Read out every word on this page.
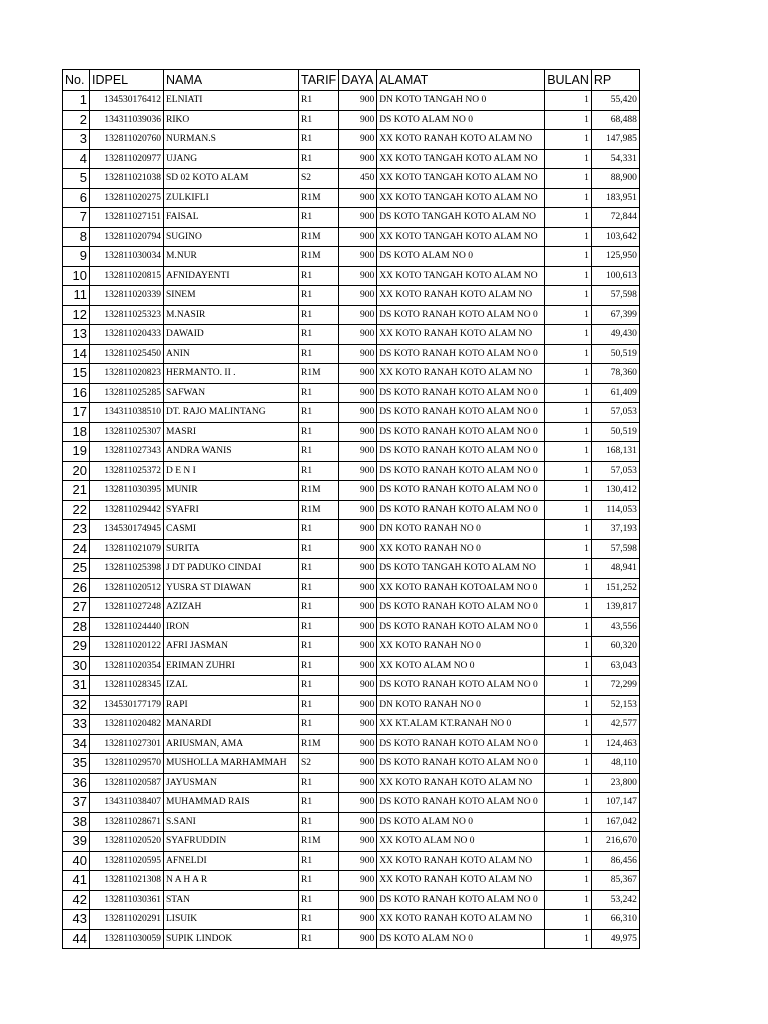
No.	IDPEL	NAMA	TARIF	DAYA	ALAMAT	BULAN	RP
1	134530176412	ELNIATI	R1	900	DN KOTO TANGAH NO 0	1	55,420
2	134311039036	RIKO	R1	900	DS KOTO ALAM NO 0	1	68,488
3	132811020760	NURMAN.S	R1	900	XX KOTO RANAH KOTO ALAM NO	1	147,985
4	132811020977	UJANG	R1	900	XX KOTO TANGAH KOTO ALAM NO	1	54,331
5	132811021038	SD 02 KOTO ALAM	S2	450	XX KOTO TANGAH KOTO ALAM NO	1	88,900
6	132811020275	ZULKIFLI	R1M	900	XX KOTO TANGAH KOTO ALAM NO	1	183,951
7	132811027151	FAISAL	R1	900	DS KOTO TANGAH KOTO ALAM NO	1	72,844
8	132811020794	SUGINO	R1M	900	XX KOTO TANGAH KOTO ALAM NO	1	103,642
9	132811030034	M.NUR	R1M	900	DS KOTO ALAM NO 0	1	125,950
10	132811020815	AFNIDAYENTI	R1	900	XX KOTO TANGAH KOTO ALAM NO	1	100,613
11	132811020339	SINEM	R1	900	XX KOTO RANAH KOTO ALAM NO	1	57,598
12	132811025323	M.NASIR	R1	900	DS KOTO RANAH KOTO ALAM NO 0	1	67,399
13	132811020433	DAWAID	R1	900	XX KOTO RANAH KOTO ALAM NO	1	49,430
14	132811025450	ANIN	R1	900	DS KOTO RANAH KOTO ALAM NO 0	1	50,519
15	132811020823	HERMANTO. II .	R1M	900	XX KOTO RANAH KOTO ALAM NO	1	78,360
16	132811025285	SAFWAN	R1	900	DS KOTO RANAH KOTO ALAM NO 0	1	61,409
17	134311038510	DT. RAJO MALINTANG	R1	900	DS KOTO RANAH KOTO ALAM NO 0	1	57,053
18	132811025307	MASRI	R1	900	DS KOTO RANAH KOTO ALAM NO 0	1	50,519
19	132811027343	ANDRA WANIS	R1	900	DS KOTO RANAH KOTO ALAM NO 0	1	168,131
20	132811025372	D E N I	R1	900	DS KOTO RANAH KOTO ALAM NO 0	1	57,053
21	132811030395	MUNIR	R1M	900	DS KOTO RANAH KOTO ALAM NO 0	1	130,412
22	132811029442	SYAFRI	R1M	900	DS KOTO RANAH KOTO ALAM NO 0	1	114,053
23	134530174945	CASMI	R1	900	DN KOTO RANAH NO 0	1	37,193
24	132811021079	SURITA	R1	900	XX KOTO RANAH NO 0	1	57,598
25	132811025398	J DT PADUKO CINDAI	R1	900	DS KOTO TANGAH KOTO ALAM NO	1	48,941
26	132811020512	YUSRA ST DIAWAN	R1	900	XX KOTO RANAH KOTOALAM NO 0	1	151,252
27	132811027248	AZIZAH	R1	900	DS KOTO RANAH KOTO ALAM NO 0	1	139,817
28	132811024440	IRON	R1	900	DS KOTO RANAH KOTO ALAM NO 0	1	43,556
29	132811020122	AFRI JASMAN	R1	900	XX KOTO RANAH NO 0	1	60,320
30	132811020354	ERIMAN ZUHRI	R1	900	XX KOTO ALAM NO 0	1	63,043
31	132811028345	IZAL	R1	900	DS KOTO RANAH KOTO ALAM NO 0	1	72,299
32	134530177179	RAPI	R1	900	DN KOTO RANAH NO 0	1	52,153
33	132811020482	MANARDI	R1	900	XX KT.ALAM KT.RANAH NO 0	1	42,577
34	132811027301	ARIUSMAN, AMA	R1M	900	DS KOTO RANAH KOTO ALAM NO 0	1	124,463
35	132811029570	MUSHOLLA MARHAMMAH	S2	900	DS KOTO RANAH KOTO ALAM NO 0	1	48,110
36	132811020587	JAYUSMAN	R1	900	XX KOTO RANAH KOTO ALAM NO	1	23,800
37	134311038407	MUHAMMAD RAIS	R1	900	DS KOTO RANAH KOTO ALAM NO 0	1	107,147
38	132811028671	S.SANI	R1	900	DS KOTO ALAM NO 0	1	167,042
39	132811020520	SYAFRUDDIN	R1M	900	XX KOTO ALAM NO 0	1	216,670
40	132811020595	AFNELDI	R1	900	XX KOTO RANAH KOTO ALAM NO	1	86,456
41	132811021308	N A H A R	R1	900	XX KOTO RANAH KOTO ALAM NO	1	85,367
42	132811030361	STAN	R1	900	DS KOTO RANAH KOTO ALAM NO 0	1	53,242
43	132811020291	LISUIK	R1	900	XX KOTO RANAH KOTO ALAM NO	1	66,310
44	132811030059	SUPIK LINDOK	R1	900	DS KOTO ALAM NO 0	1	49,975
